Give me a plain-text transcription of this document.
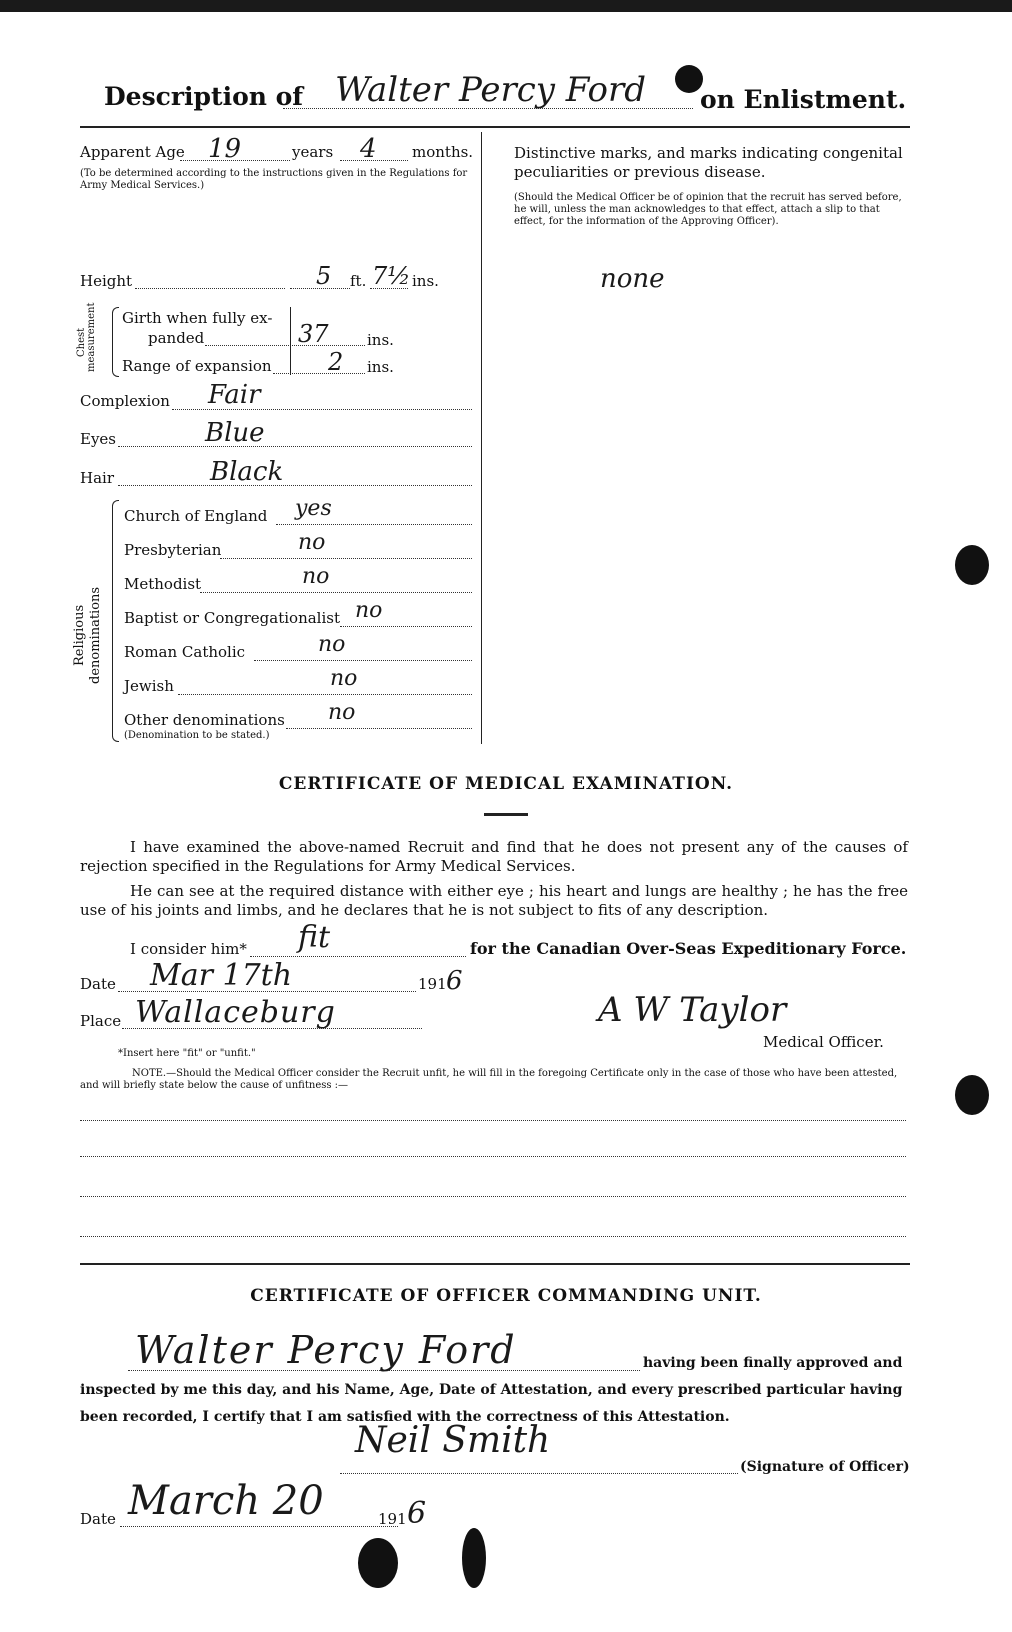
Description of Walter Percy Ford on Enlistment.
Apparent Age 19	years 4 months.
(To be determined according to the instructions given in the Regulations for Army Medical Services.)
Height	5 ft. 7½ ins.
Chest measurement Girth when fully ex-
panded	37	ins.
Range of expansion 2 ins.
Complexion Fair
Eyes	Blue
Hair	Black
Religious denominations
Church of England yes
Presbyterian	no
Methodist	no
Baptist or Congregationalist no
Roman Catholic	no
Jewish	no
Other denominations no
(Denomination to be stated.)
Distinctive marks, and marks indicating congenital peculiarities or previous disease.
(Should the Medical Officer be of opinion that the recruit has served before, he will, unless the man acknowledges to that effect, attach a slip to that effect, for the information of the Approving Officer).
none
CERTIFICATE OF MEDICAL EXAMINATION.
I have examined the above-named Recruit and find that he does not present any of the causes of rejection specified in the Regulations for Army Medical Services.
He can see at the required distance with either eye ; his heart and lungs are healthy ; he has the free use of his joints and limbs, and he declares that he is not subject to fits of any description.
I consider him* fit	for the Canadian Over-Seas Expeditionary Force.
Date Mar 17th	191 6
Place Wallaceburg	A W Taylor
Medical Officer.
*Insert here "fit" or "unfit."
NOTE.—Should the Medical Officer consider the Recruit unfit, he will fill in the foregoing Certificate only in the case of those who have been attested, and will briefly state below the cause of unfitness :—
CERTIFICATE OF OFFICER COMMANDING UNIT.
Walter Percy Ford	having been finally approved and
inspected by me this day, and his Name, Age, Date of Attestation, and every prescribed particular having
been recorded, I certify that I am satisfied with the correctness of this Attestation.
Neil Smith
(Signature of Officer)
Date March 20	191 6
